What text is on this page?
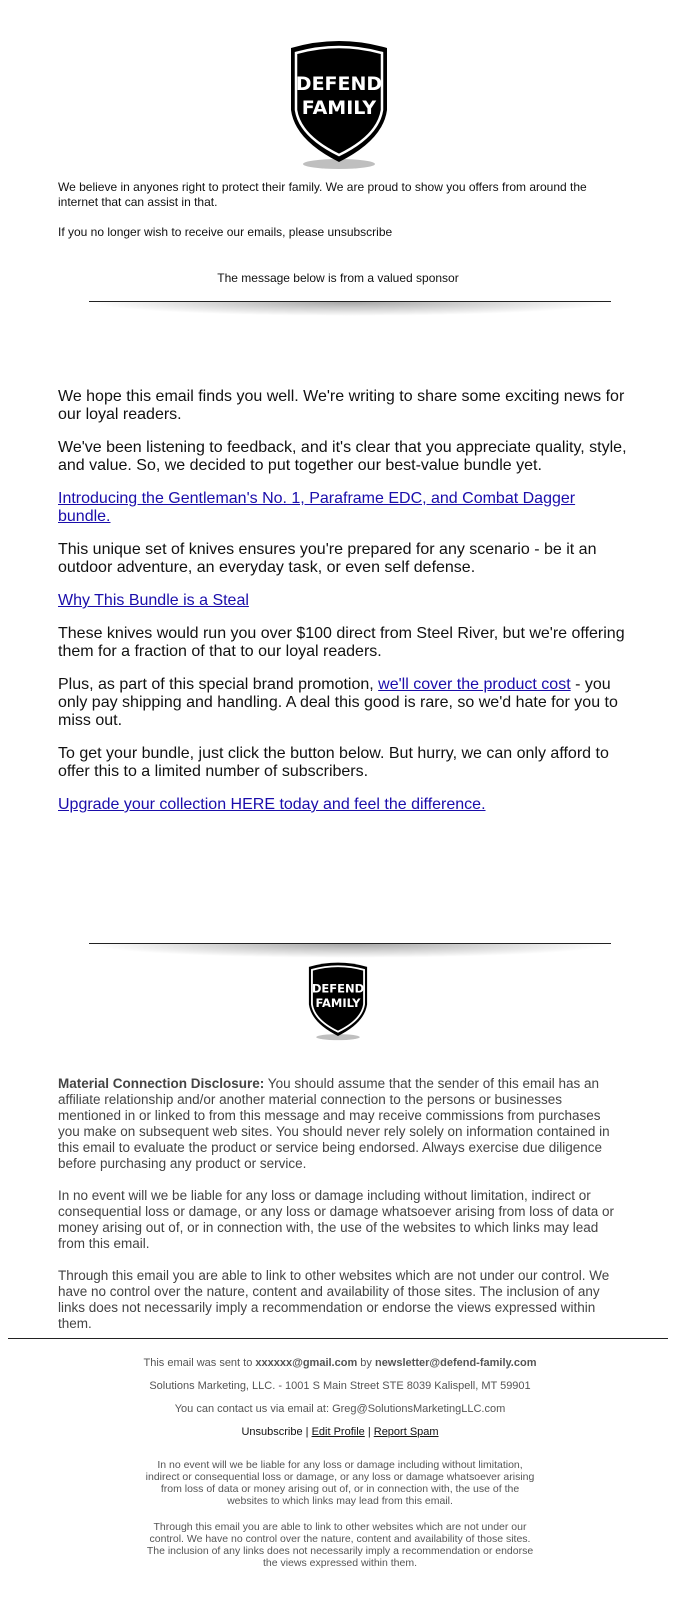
DEFEND
FAMILY
We believe in anyones right to protect their family. We are proud to show you offers from around the internet that can assist in that.
If you no longer wish to receive our emails, please unsubscribe
The message below is from a valued sponsor

We hope this email finds you well. We're writing to share some exciting news for our loyal readers.

We've been listening to feedback, and it's clear that you appreciate quality, style, and value. So, we decided to put together our best-value bundle yet.

Introducing the Gentleman's No. 1, Paraframe EDC, and Combat Dagger bundle.

This unique set of knives ensures you're prepared for any scenario - be it an outdoor adventure, an everyday task, or even self defense.

Why This Bundle is a Steal

These knives would run you over $100 direct from Steel River, but we're offering them for a fraction of that to our loyal readers.

Plus, as part of this special brand promotion, we'll cover the product cost - you only pay shipping and handling. A deal this good is rare, so we'd hate for you to miss out.

To get your bundle, just click the button below. But hurry, we can only afford to offer this to a limited number of subscribers.

Upgrade your collection HERE today and feel the difference.

DEFEND
FAMILY
Material Connection Disclosure: You should assume that the sender of this email has an affiliate relationship and/or another material connection to the persons or businesses mentioned in or linked to from this message and may receive commissions from purchases you make on subsequent web sites. You should never rely solely on information contained in this email to evaluate the product or service being endorsed. Always exercise due diligence before purchasing any product or service.
In no event will we be liable for any loss or damage including without limitation, indirect or consequential loss or damage, or any loss or damage whatsoever arising from loss of data or money arising out of, or in connection with, the use of the websites to which links may lead from this email.
Through this email you are able to link to other websites which are not under our control. We have no control over the nature, content and availability of those sites. The inclusion of any links does not necessarily imply a recommendation or endorse the views expressed within them.
This email was sent to xxxxxx@gmail.com by newsletter@defend-family.com
Solutions Marketing, LLC. - 1001 S Main Street STE 8039 Kalispell, MT 59901
You can contact us via email at: Greg@SolutionsMarketingLLC.com
Unsubscribe | Edit Profile | Report Spam
In no event will we be liable for any loss or damage including without limitation, indirect or consequential loss or damage, or any loss or damage whatsoever arising from loss of data or money arising out of, or in connection with, the use of the websites to which links may lead from this email.
Through this email you are able to link to other websites which are not under our control. We have no control over the nature, content and availability of those sites. The inclusion of any links does not necessarily imply a recommendation or endorse the views expressed within them.
